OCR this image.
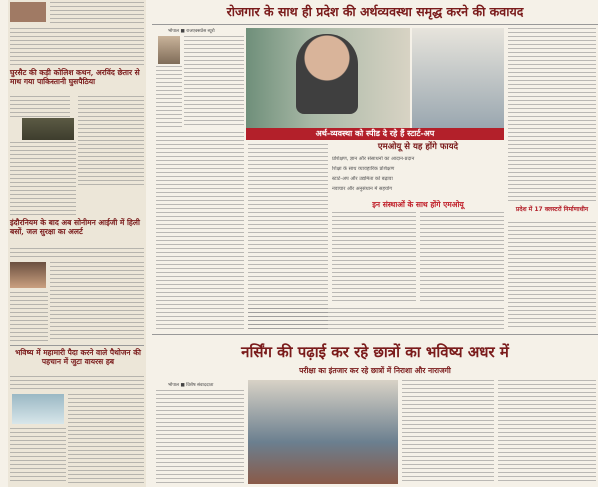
घुरसैट की कड़ी कोलिश कथन, अरविंद छेतार से माथ गया पाकिस्तानी घुसपैठिया
इंदौरनियम के बाद अब सोनीमन आईजी में हिली बसों, जल सुरक्षा का अलर्ट
भविष्य में महामारी पैदा करने वाले पैथोजन की पहचान में जुटा वायरस हब
रोजगार के साथ ही प्रदेश की अर्थव्यवस्था समृद्ध करने की कवायद
भोपाल ■ राजएक्सप्रेस ब्यूरो
अर्थ-व्यवस्था को स्पीड दे रहे हैं स्टार्ट-अप
प्रदेश में 17 क्लस्टरों निर्माणाधीन
एमओयू से यह होंगे फायदे
प्रशिक्षण, ज्ञान और संसाधनों का आदान-प्रदान
शिक्षा के साथ व्यावहारिक प्रशिक्षण
स्टार्ट-अप और उद्यमिता को बढ़ावा
नवाचार और अनुसंधान में सहयोग
इन संस्थाओं के साथ होंगे एमओयू
नर्सिंग की पढ़ाई कर रहे छात्रों का भविष्य अधर में
परीक्षा का इंतजार कर रहे छात्रों में निराशा और नाराजगी
भोपाल ■ विशेष संवाददाता
